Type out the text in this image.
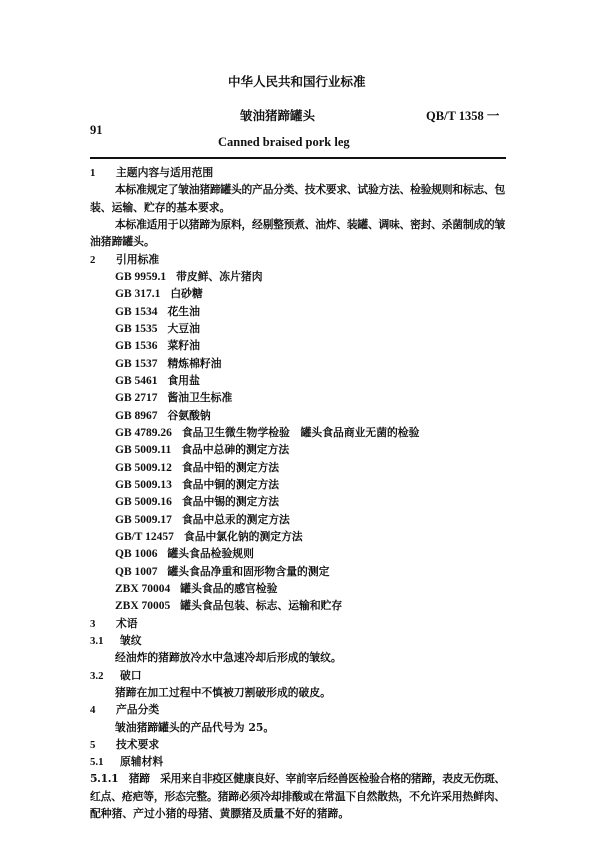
中华人民共和国行业标准
皱油猪蹄罐头	QB/T 1358 一
91
Canned braised pork leg
1 主题内容与适用范围
本标准规定了皱油猪蹄罐头的产品分类、技术要求、试验方法、检验规则和标志、包
装、运输、贮存的基本要求。
本标准适用于以猪蹄为原料，经剔整预煮、油炸、装罐、调味、密封、杀菌制成的皱
油猪蹄罐头。
2 引用标准
GB 9959.1 带皮鲜、冻片猪肉
GB 317.1 白砂糖
GB 1534 花生油
GB 1535 大豆油
GB 1536 菜籽油
GB 1537 精炼棉籽油
GB 5461 食用盐
GB 2717 酱油卫生标准
GB 8967 谷氨酸钠
GB 4789.26 食品卫生微生物学检验　罐头食品商业无菌的检验
GB 5009.11 食品中总砷的测定方法
GB 5009.12 食品中铅的测定方法
GB 5009.13 食品中铜的测定方法
GB 5009.16 食品中锡的测定方法
GB 5009.17 食品中总汞的测定方法
GB/T 12457 食品中氯化钠的测定方法
QB 1006 罐头食品检验规则
QB 1007 罐头食品净重和固形物含量的测定
ZBX 70004 罐头食品的感官检验
ZBX 70005 罐头食品包装、标志、运输和贮存
3 术语
3.1 皱纹
经油炸的猪蹄放冷水中急速冷却后形成的皱纹。
3.2 破口
猪蹄在加工过程中不慎被刀割破形成的破皮。
4 产品分类
皱油猪蹄罐头的产品代号为 25。
5 技术要求
5.1 原辅材料
5.1.1　猪蹄　采用来自非疫区健康良好、宰前宰后经兽医检验合格的猪蹄，表皮无伤斑、
红点、疮疤等，形态完整。猪蹄必须冷却排酸或在常温下自然散热，不允许采用热鲜肉、
配种猪、产过小猪的母猪、黄膘猪及质量不好的猪蹄。
